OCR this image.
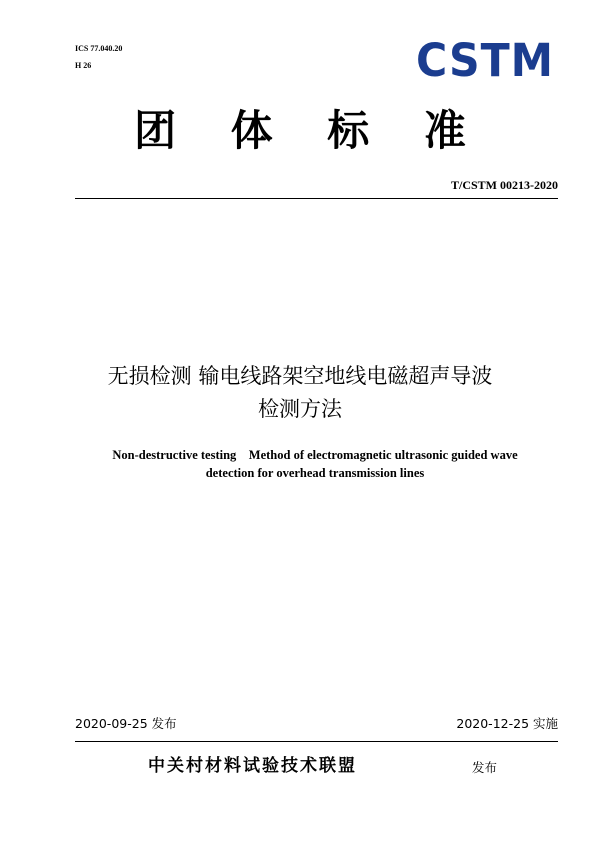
ICS 77.040.20
H 26	CSTM
团 体 标 准
T/CSTM 00213-2020
无损检测 输电线路架空地线电磁超声导波
检测方法
Non-destructive testing    Method of electromagnetic ultrasonic guided wave
detection for overhead transmission lines
2020-09-25 发布	2020-12-25 实施
中关村材料试验技术联盟	发布
